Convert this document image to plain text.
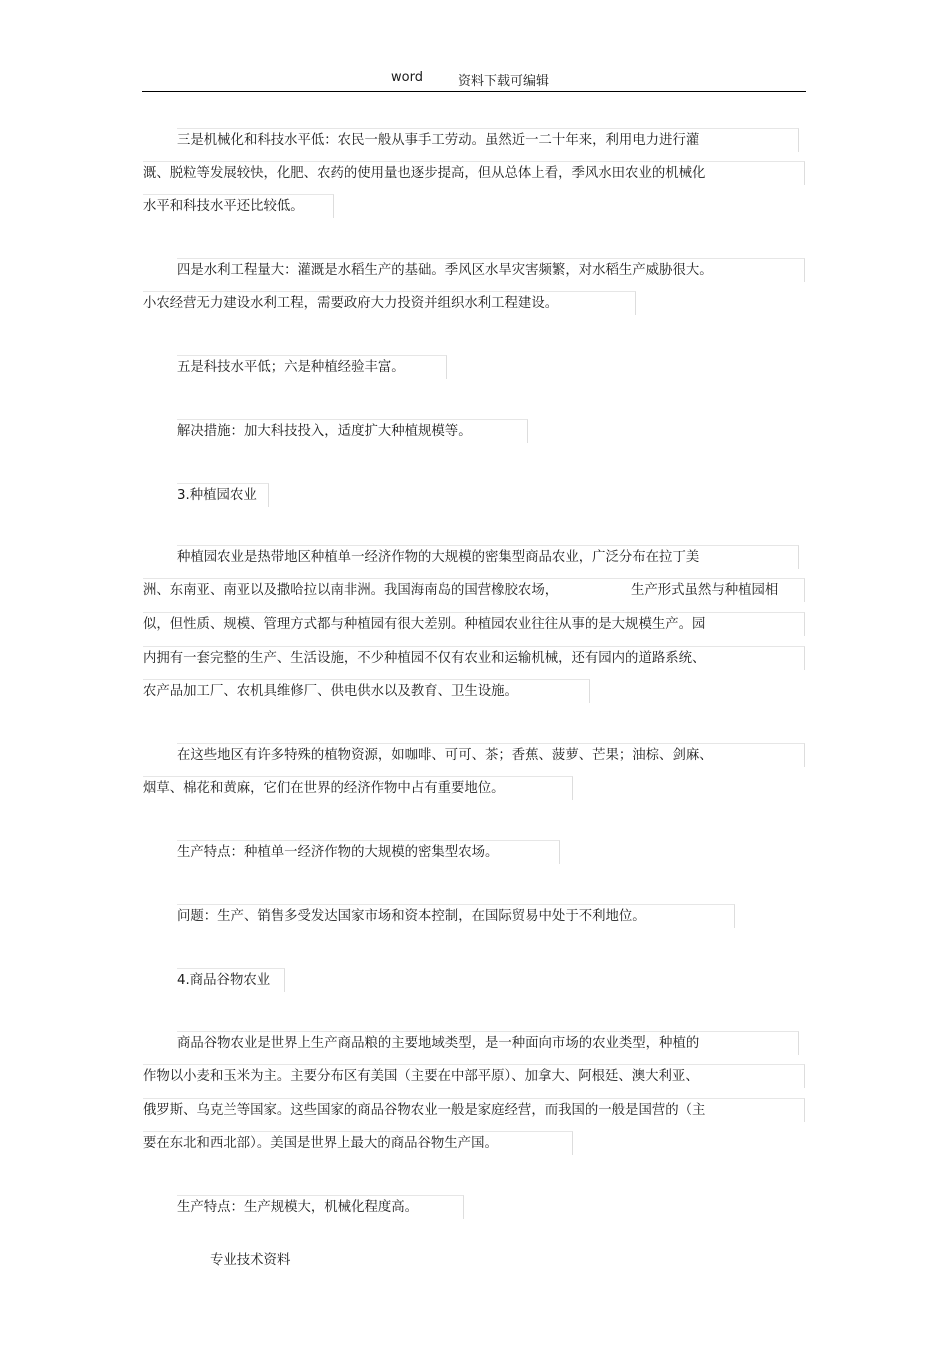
word	资料下载可编辑
三是机械化和科技水平低：农民一般从事手工劳动。虽然近一二十年来，利用电力进行灌
溉、脱粒等发展较快，化肥、农药的使用量也逐步提高，但从总体上看，季风水田农业的机械化
水平和科技水平还比较低。
四是水利工程量大：灌溉是水稻生产的基础。季风区水旱灾害频繁，对水稻生产威胁很大。
小农经营无力建设水利工程，需要政府大力投资并组织水利工程建设。
五是科技水平低；六是种植经验丰富。
解决措施：加大科技投入，适度扩大种植规模等。
3.种植园农业
种植园农业是热带地区种植单一经济作物的大规模的密集型商品农业，广泛分布在拉丁美
洲、东南亚、南亚以及撒哈拉以南非洲。我国海南岛的国营橡胶农场，	生产形式虽然与种植园相
似，但性质、规模、管理方式都与种植园有很大差别。种植园农业往往从事的是大规模生产。园
内拥有一套完整的生产、生活设施，不少种植园不仅有农业和运输机械，还有园内的道路系统、
农产品加工厂、农机具维修厂、供电供水以及教育、卫生设施。
在这些地区有许多特殊的植物资源，如咖啡、可可、茶；香蕉、菠萝、芒果；油棕、剑麻、
烟草、棉花和黄麻，它们在世界的经济作物中占有重要地位。
生产特点：种植单一经济作物的大规模的密集型农场。
问题：生产、销售多受发达国家市场和资本控制，在国际贸易中处于不利地位。
4.商品谷物农业
商品谷物农业是世界上生产商品粮的主要地域类型，是一种面向市场的农业类型，种植的
作物以小麦和玉米为主。主要分布区有美国（主要在中部平原）、加拿大、阿根廷、澳大利亚、
俄罗斯、乌克兰等国家。这些国家的商品谷物农业一般是家庭经营，而我国的一般是国营的（主
要在东北和西北部）。美国是世界上最大的商品谷物生产国。
生产特点：生产规模大，机械化程度高。
专业技术资料
